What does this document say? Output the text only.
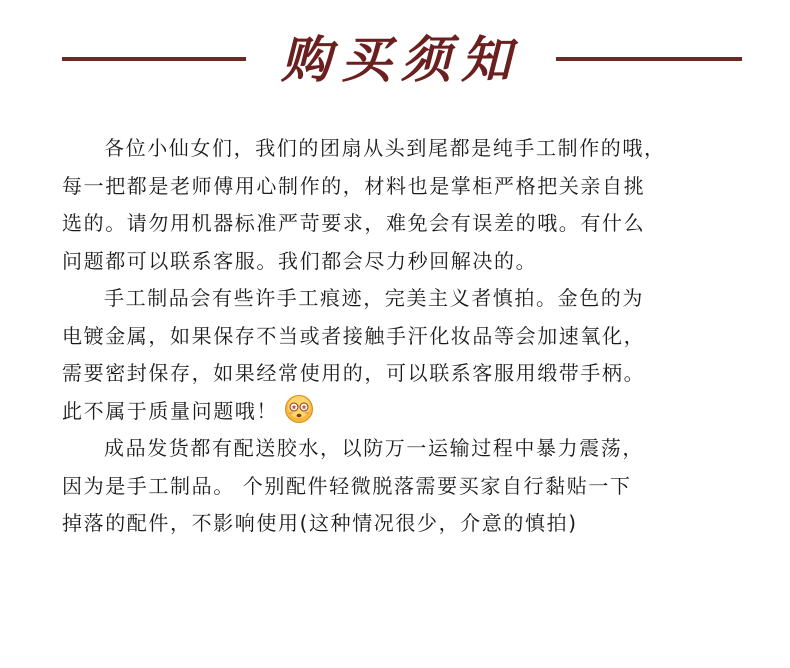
购买须知
各位小仙女们，我们的团扇从头到尾都是纯手工制作的哦，
每一把都是老师傅用心制作的，材料也是掌柜严格把关亲自挑
选的。请勿用机器标准严苛要求，难免会有误差的哦。有什么
问题都可以联系客服。我们都会尽力秒回解决的。
手工制品会有些许手工痕迹，完美主义者慎拍。金色的为
电镀金属，如果保存不当或者接触手汗化妆品等会加速氧化，
需要密封保存，如果经常使用的，可以联系客服用缎带手柄。
此不属于质量问题哦！
成品发货都有配送胶水，以防万一运输过程中暴力震荡，
因为是手工制品。 个别配件轻微脱落需要买家自行黏贴一下
掉落的配件，不影响使用(这种情况很少，介意的慎拍)
